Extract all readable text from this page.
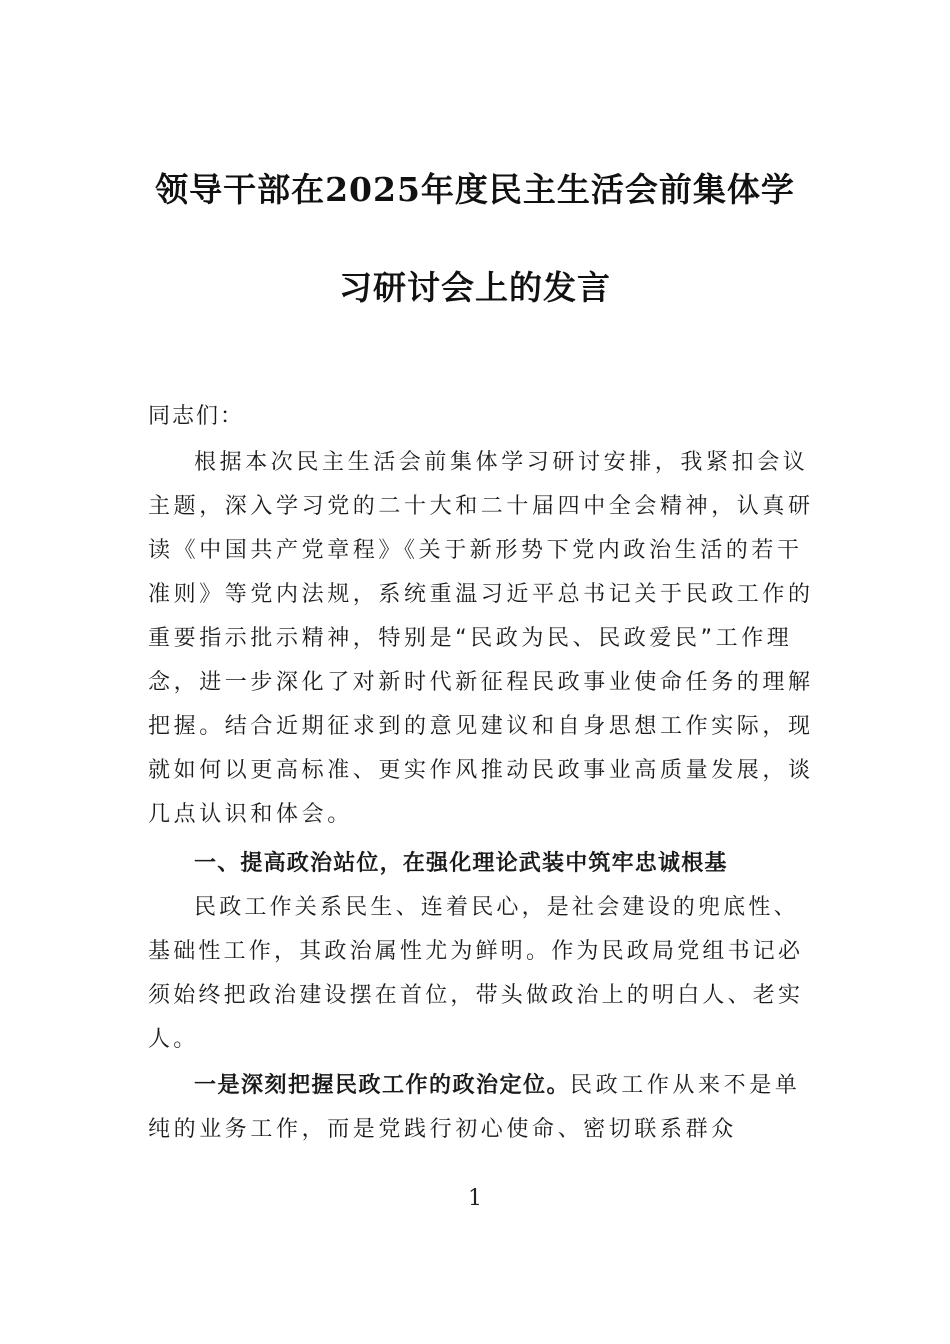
领导干部在2025年度民主生活会前集体学
习研讨会上的发言

同志们：

根据本次民主生活会前集体学习研讨安排，我紧扣会议主题，深入学习党的二十大和二十届四中全会精神，认真研读《中国共产党章程》《关于新形势下党内政治生活的若干准则》等党内法规，系统重温习近平总书记关于民政工作的重要指示批示精神，特别是“民政为民、民政爱民”工作理念，进一步深化了对新时代新征程民政事业使命任务的理解把握。结合近期征求到的意见建议和自身思想工作实际，现就如何以更高标准、更实作风推动民政事业高质量发展，谈几点认识和体会。

一、提高政治站位，在强化理论武装中筑牢忠诚根基

民政工作关系民生、连着民心，是社会建设的兜底性、基础性工作，其政治属性尤为鲜明。作为民政局党组书记必须始终把政治建设摆在首位，带头做政治上的明白人、老实人。

一是深刻把握民政工作的政治定位。民政工作从来不是单纯的业务工作，而是党践行初心使命、密切联系群众

1
